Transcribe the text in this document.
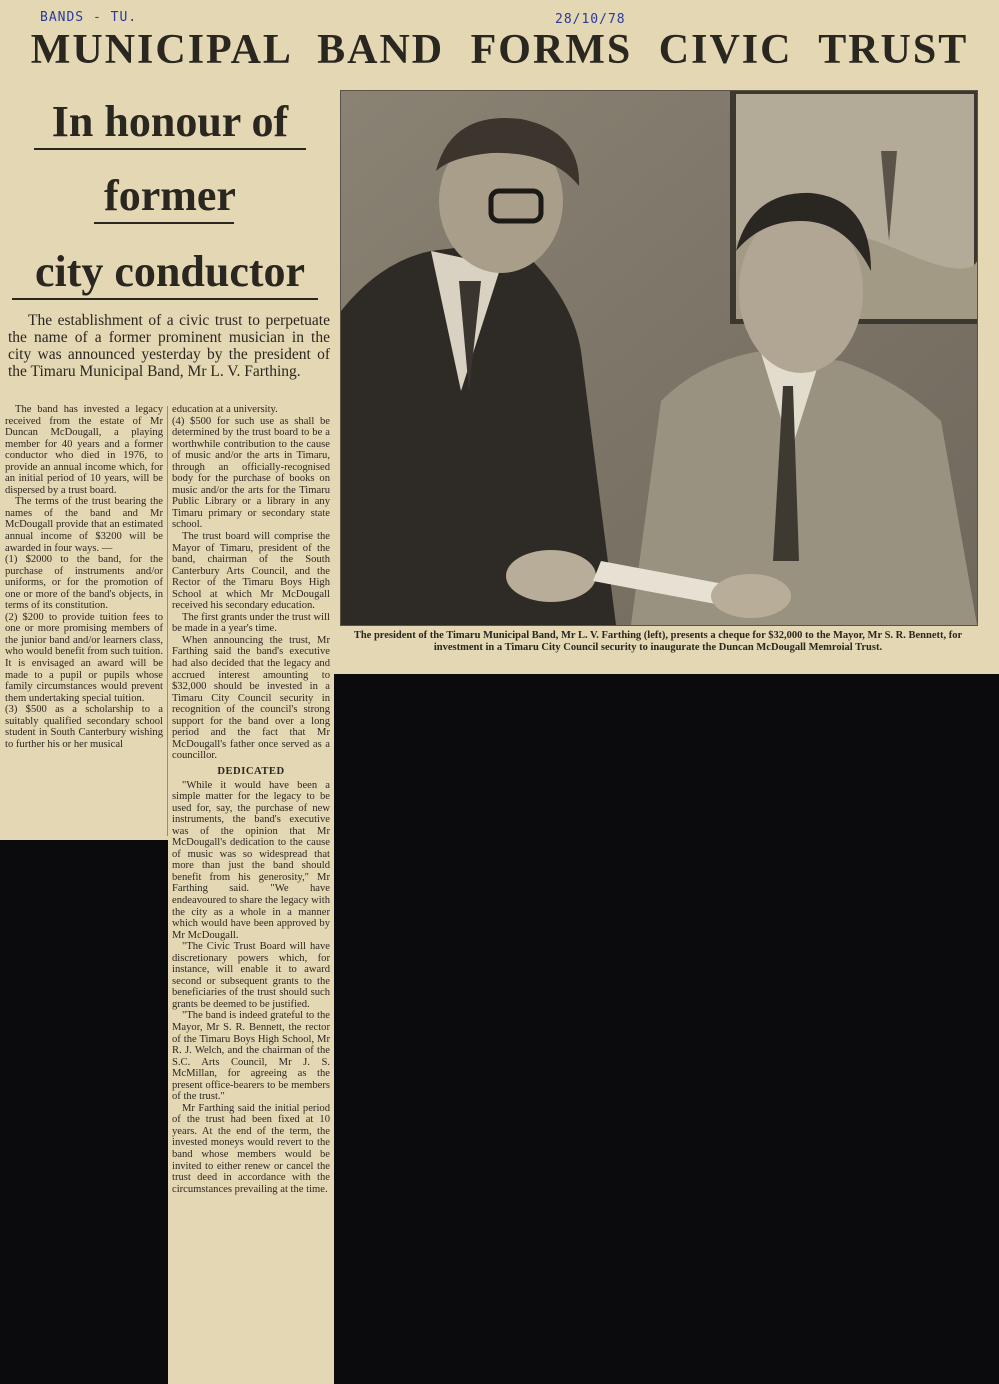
BANDS - TU.	28/10/78
MUNICIPAL BAND FORMS CIVIC TRUST
In honour of
former
city conductor
The establishment of a civic trust to perpetuate the name of a former prominent musician in the city was announced yesterday by the president of the Timaru Municipal Band, Mr L. V. Farthing.

The band has invested a legacy received from the estate of Mr Duncan McDougall, a playing member for 40 years and a former conductor who died in 1976, to provide an annual income which, for an initial period of 10 years, will be dispersed by a trust board.

The terms of the trust bearing the names of the band and Mr McDougall provide that an estimated annual income of $3200 will be awarded in four ways. —

(1) $2000 to the band, for the purchase of instruments and/or uniforms, or for the promotion of one or more of the band's objects, in terms of its constitution.

(2) $200 to provide tuition fees to one or more promising members of the junior band and/or learners class, who would benefit from such tuition. It is envisaged an award will be made to a pupil or pupils whose family circumstances would prevent them undertaking special tuition.

(3) $500 as a scholarship to a suitably qualified secondary school student in South Canterbury wishing to further his or her musical

education at a university.

(4) $500 for such use as shall be determined by the trust board to be a worthwhile contribution to the cause of music and/or the arts in Timaru, through an officially-recognised body for the purchase of books on music and/or the arts for the Timaru Public Library or a library in any Timaru primary or secondary state school.

The trust board will comprise the Mayor of Timaru, president of the band, chairman of the South Canterbury Arts Council, and the Rector of the Timaru Boys High School at which Mr McDougall received his secondary education.

The first grants under the trust will be made in a year's time.

When announcing the trust, Mr Farthing said the band's executive had also decided that the legacy and accrued interest amounting to $32,000 should be invested in a Timaru City Council security in recognition of the council's strong support for the band over a long period and the fact that Mr McDougall's father once served as a councillor.

DEDICATED

"While it would have been a simple matter for the legacy to be used for, say, the purchase of new instruments, the band's executive was of the opinion that Mr McDougall's dedication to the cause of music was so widespread that more than just the band should benefit from his generosity," Mr Farthing said. "We have endeavoured to share the legacy with the city as a whole in a manner which would have been approved by Mr McDougall.

"The Civic Trust Board will have discretionary powers which, for instance, will enable it to award second or subsequent grants to the beneficiaries of the trust should such grants be deemed to be justified.

"The band is indeed grateful to the Mayor, Mr S. R. Bennett, the rector of the Timaru Boys High School, Mr R. J. Welch, and the chairman of the S.C. Arts Council, Mr J. S. McMillan, for agreeing as the present office-bearers to be members of the trust."

Mr Farthing said the initial period of the trust had been fixed at 10 years. At the end of the term, the invested moneys would revert to the band whose members would be invited to either renew or cancel the trust deed in accordance with the circumstances prevailing at the time.

The president of the Timaru Municipal Band, Mr L. V. Farthing (left), presents a cheque for $32,000 to the Mayor, Mr S. R. Bennett, for investment in a Timaru City Council security to inaugurate the Duncan McDougall Memroial Trust.
